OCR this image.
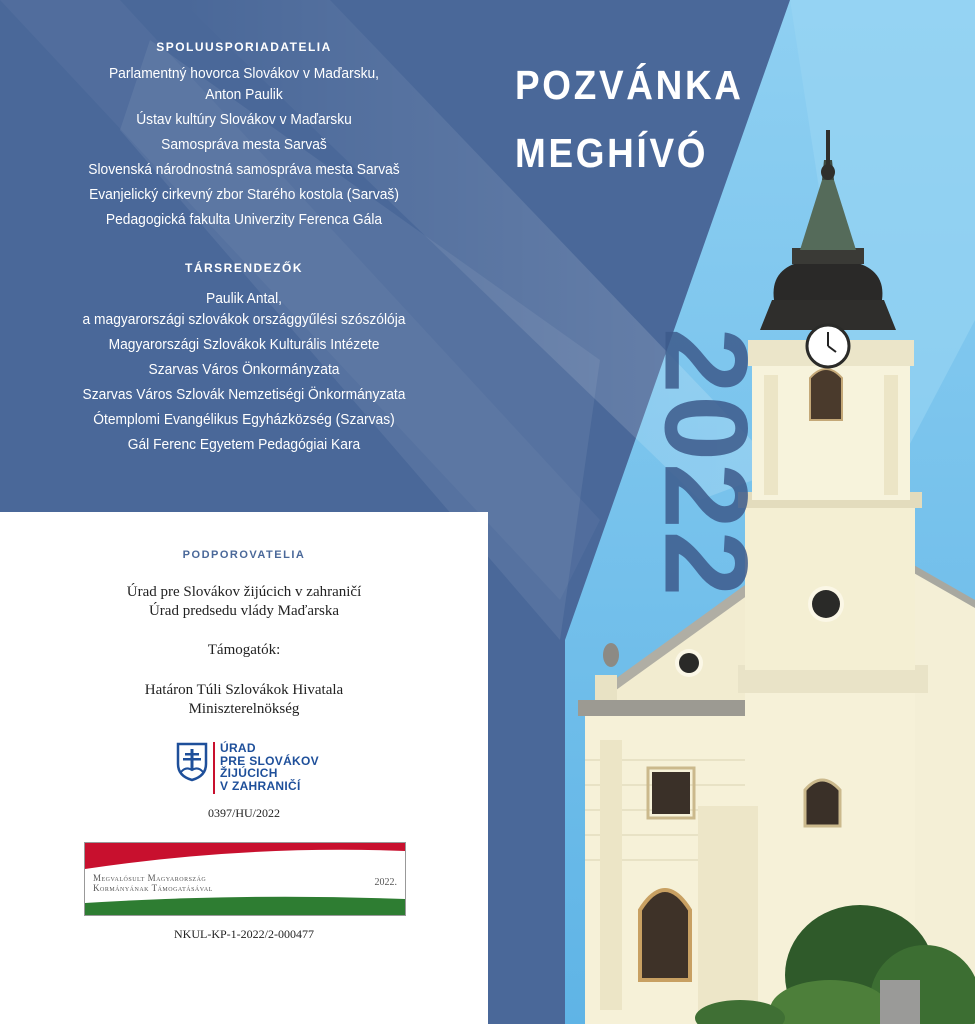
SPOLUUSPORIADATELIA
Parlamentný hovorca Slovákov v Maďarsku,
Anton Paulik
Ústav kultúry Slovákov v Maďarsku
Samospráva mesta Sarvaš
Slovenská národnostná samospráva mesta Sarvaš
Evanjelický cirkevný zbor Starého kostola (Sarvaš)
Pedagogická fakulta Univerzity Ferenca Gála
TÁRSRENDEZŐK
Paulik Antal,
a magyarországi szlovákok országgyűlési szószólója
Magyarországi Szlovákok Kulturális Intézete
Szarvas Város Önkormányzata
Szarvas Város Szlovák Nemzetiségi Önkormányzata
Ótemplomi Evangélikus Egyházközség (Szarvas)
Gál Ferenc Egyetem Pedagógiai Kara
POZVÁNKA
MEGHÍVÓ
2022
PODPOROVATELIA

Úrad pre Slovákov žijúcich v zahraničí

Úrad predsedu vlády Maďarska

Támogatók:

Határon Túli Szlovákok Hivatala

Miniszterelnökség

ÚRAD
PRE SLOVÁKOV
ŽIJÚCICH
V ZAHRANIČÍ
0397/HU/2022
Megvalósult Magyarország
Kormányának Támogatásával	2022.
NKUL-KP-1-2022/2-000477
